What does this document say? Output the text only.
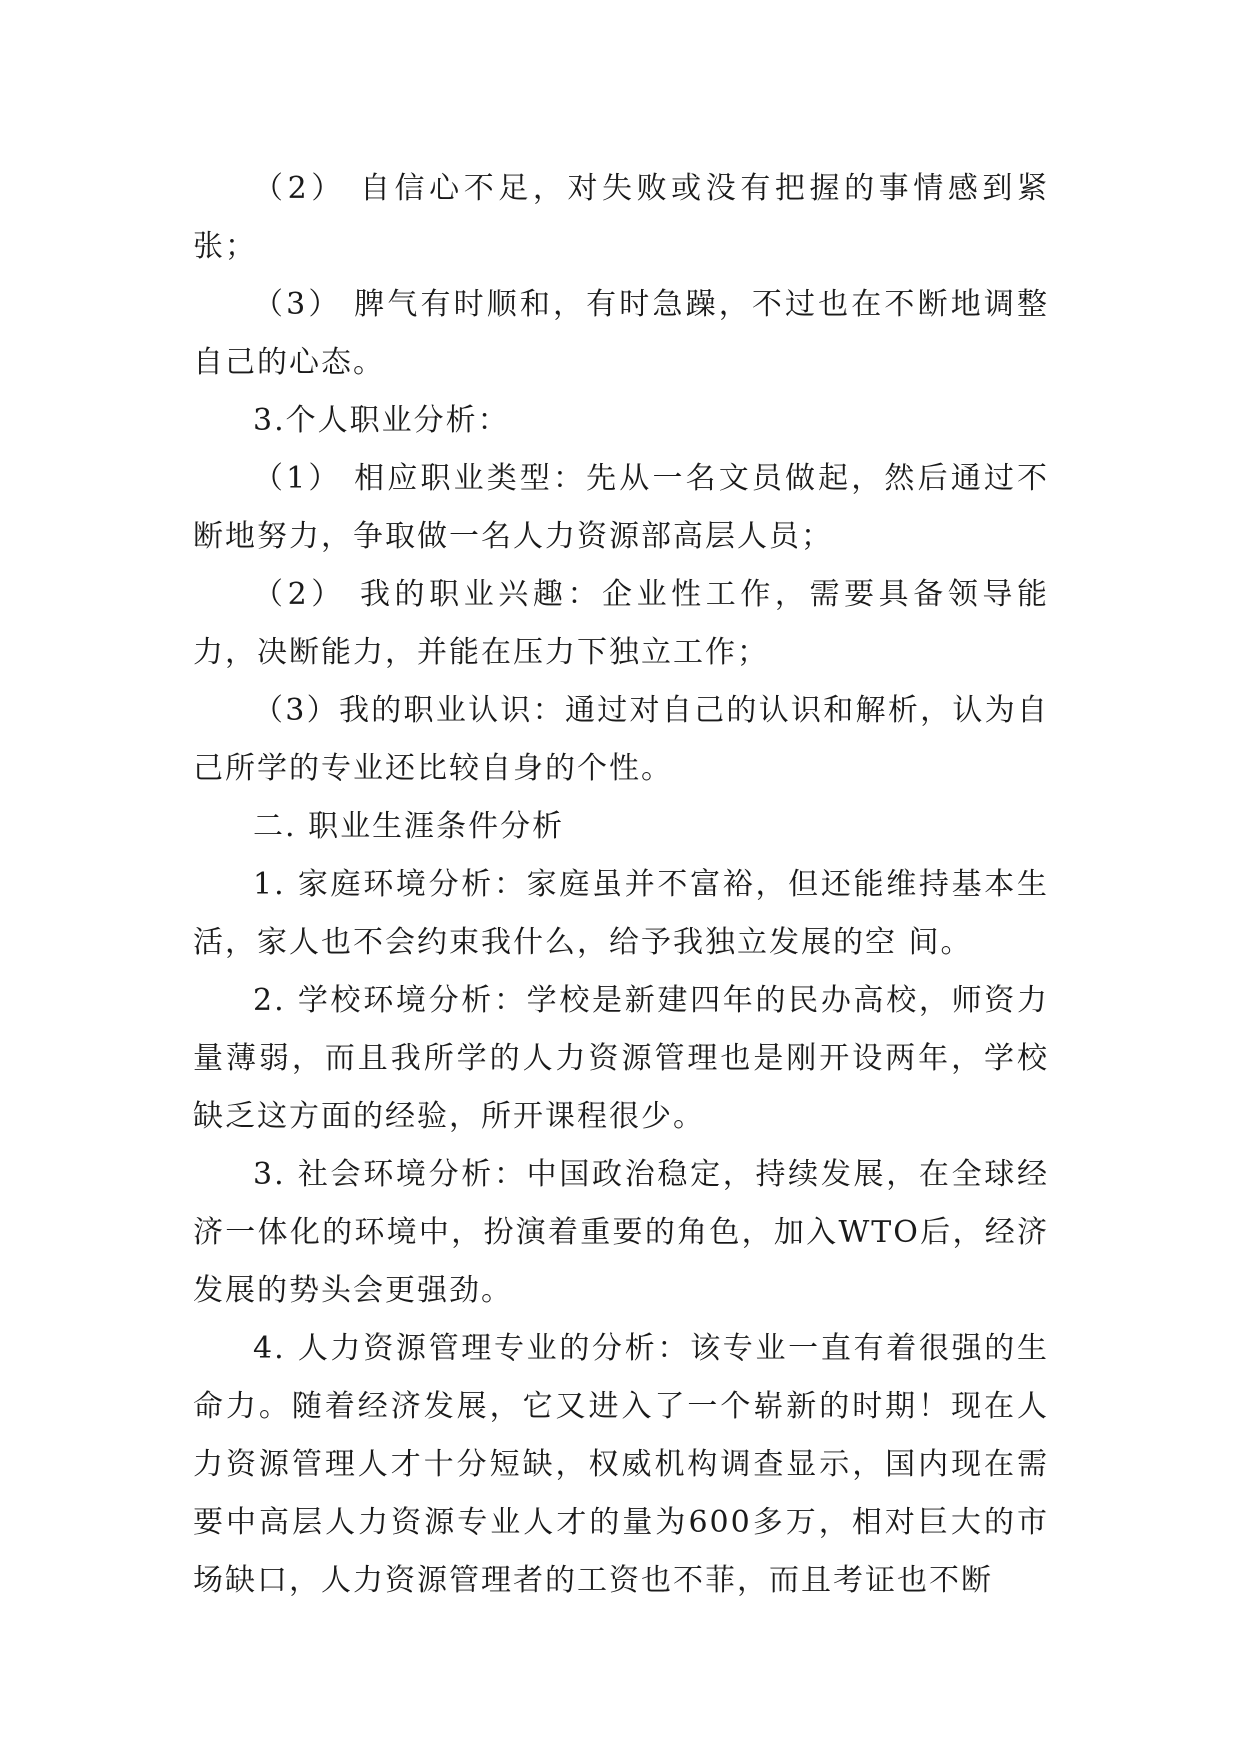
（2） 自信心不足，对失败或没有把握的事情感到紧张；

（3） 脾气有时顺和，有时急躁，不过也在不断地调整自己的心态。

3.个人职业分析：

（1） 相应职业类型：先从一名文员做起，然后通过不断地努力，争取做一名人力资源部高层人员；

（2） 我的职业兴趣：企业性工作，需要具备领导能力，决断能力，并能在压力下独立工作；

（3）我的职业认识：通过对自己的认识和解析，认为自己所学的专业还比较自身的个性。

二. 职业生涯条件分析

1. 家庭环境分析：家庭虽并不富裕，但还能维持基本生活，家人也不会约束我什么，给予我独立发展的空 间。

2. 学校环境分析：学校是新建四年的民办高校，师资力量薄弱，而且我所学的人力资源管理也是刚开设两年，学校 缺乏这方面的经验，所开课程很少。

3. 社会环境分析：中国政治稳定，持续发展，在全球经济一体化的环境中，扮演着重要的角色，加入WTO后，经济发展的势头会更强劲。

4. 人力资源管理专业的分析：该专业一直有着很强的生命力。随着经济发展，它又进入了一个崭新的时期！现在人力资源管理人才十分短缺，权威机构调查显示，国内现在需要中高层人力资源专业人才的量为600多万，相对巨大的市场缺口，人力资源管理者的工资也不菲，而且考证也不断
